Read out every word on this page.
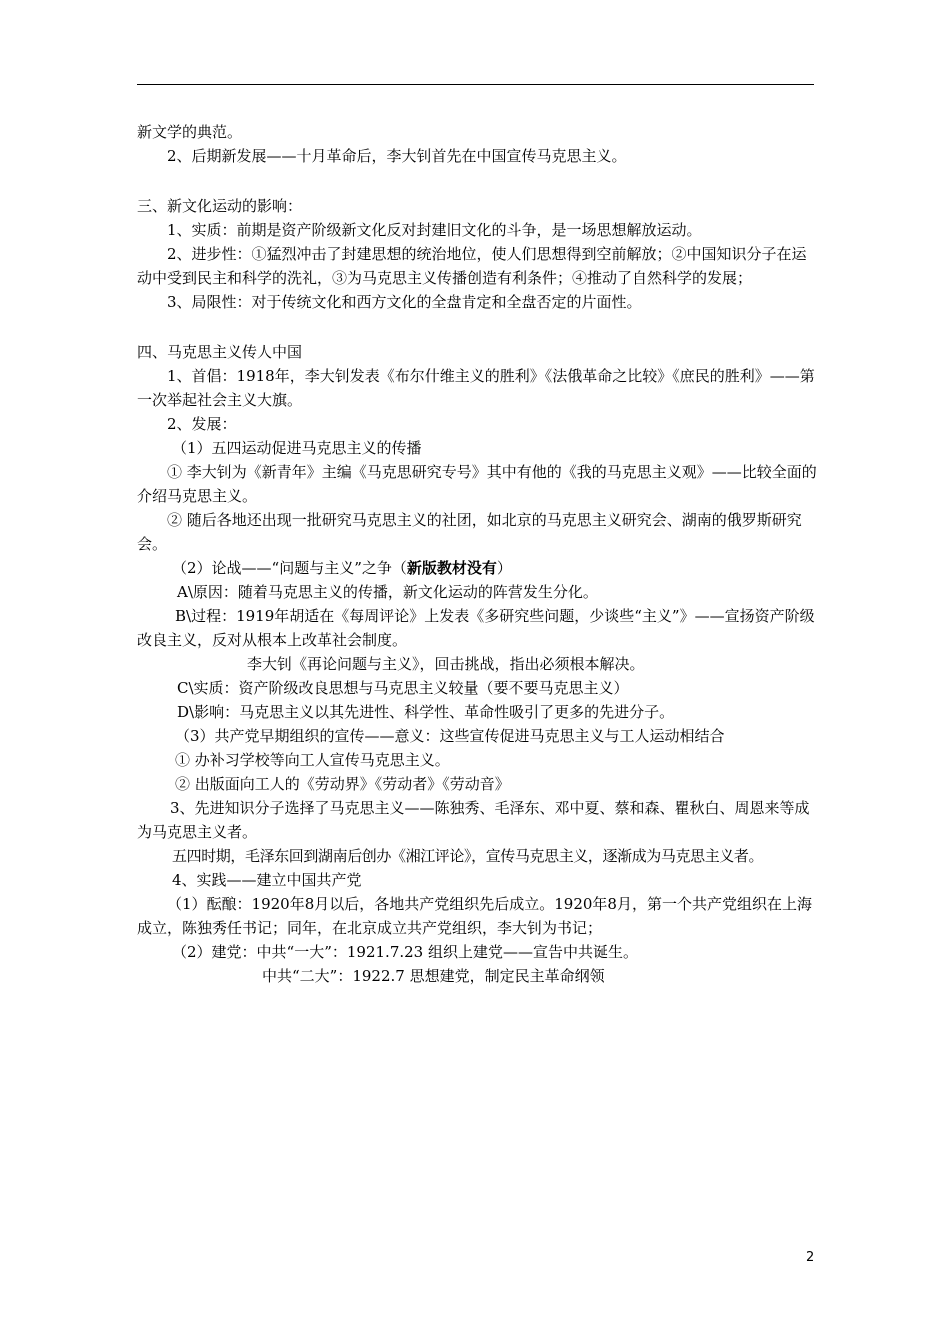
新文学的典范。

2、后期新发展——十月革命后，李大钊首先在中国宣传马克思主义。

三、新文化运动的影响：

1、实质：前期是资产阶级新文化反对封建旧文化的斗争，是一场思想解放运动。

2、进步性：①猛烈冲击了封建思想的统治地位，使人们思想得到空前解放；②中国知识分子在运动中受到民主和科学的洗礼，③为马克思主义传播创造有利条件；④推动了自然科学的发展；

3、局限性：对于传统文化和西方文化的全盘肯定和全盘否定的片面性。

四、马克思主义传人中国

1、首倡：1918年，李大钊发表《布尔什维主义的胜利》《法俄革命之比较》《庶民的胜利》——第一次举起社会主义大旗。

2、发展：

（1）五四运动促进马克思主义的传播

① 李大钊为《新青年》主编《马克思研究专号》其中有他的《我的马克思主义观》——比较全面的介绍马克思主义。

② 随后各地还出现一批研究马克思主义的社团，如北京的马克思主义研究会、湖南的俄罗斯研究会。

（2）论战——“问题与主义”之争（新版教材没有）

A\原因：随着马克思主义的传播，新文化运动的阵营发生分化。

B\过程：1919年胡适在《每周评论》上发表《多研究些问题，少谈些“主义”》——宣扬资产阶级改良主义，反对从根本上改革社会制度。

李大钊《再论问题与主义》，回击挑战，指出必须根本解决。

C\实质：资产阶级改良思想与马克思主义较量（要不要马克思主义）

D\影响：马克思主义以其先进性、科学性、革命性吸引了更多的先进分子。

（3）共产党早期组织的宣传——意义：这些宣传促进马克思主义与工人运动相结合

① 办补习学校等向工人宣传马克思主义。

② 出版面向工人的《劳动界》《劳动者》《劳动音》

3、先进知识分子选择了马克思主义——陈独秀、毛泽东、邓中夏、蔡和森、瞿秋白、周恩来等成为马克思主义者。

五四时期，毛泽东回到湖南后创办《湘江评论》，宣传马克思主义，逐渐成为马克思主义者。

4、实践——建立中国共产党

（1）酝酿：1920年8月以后，各地共产党组织先后成立。1920年8月，第一个共产党组织在上海成立，陈独秀任书记；同年，在北京成立共产党组织，李大钊为书记；

（2）建党：中共“一大”：1921.7.23 组织上建党——宣告中共诞生。

中共“二大”：1922.7 思想建党，制定民主革命纲领

2
